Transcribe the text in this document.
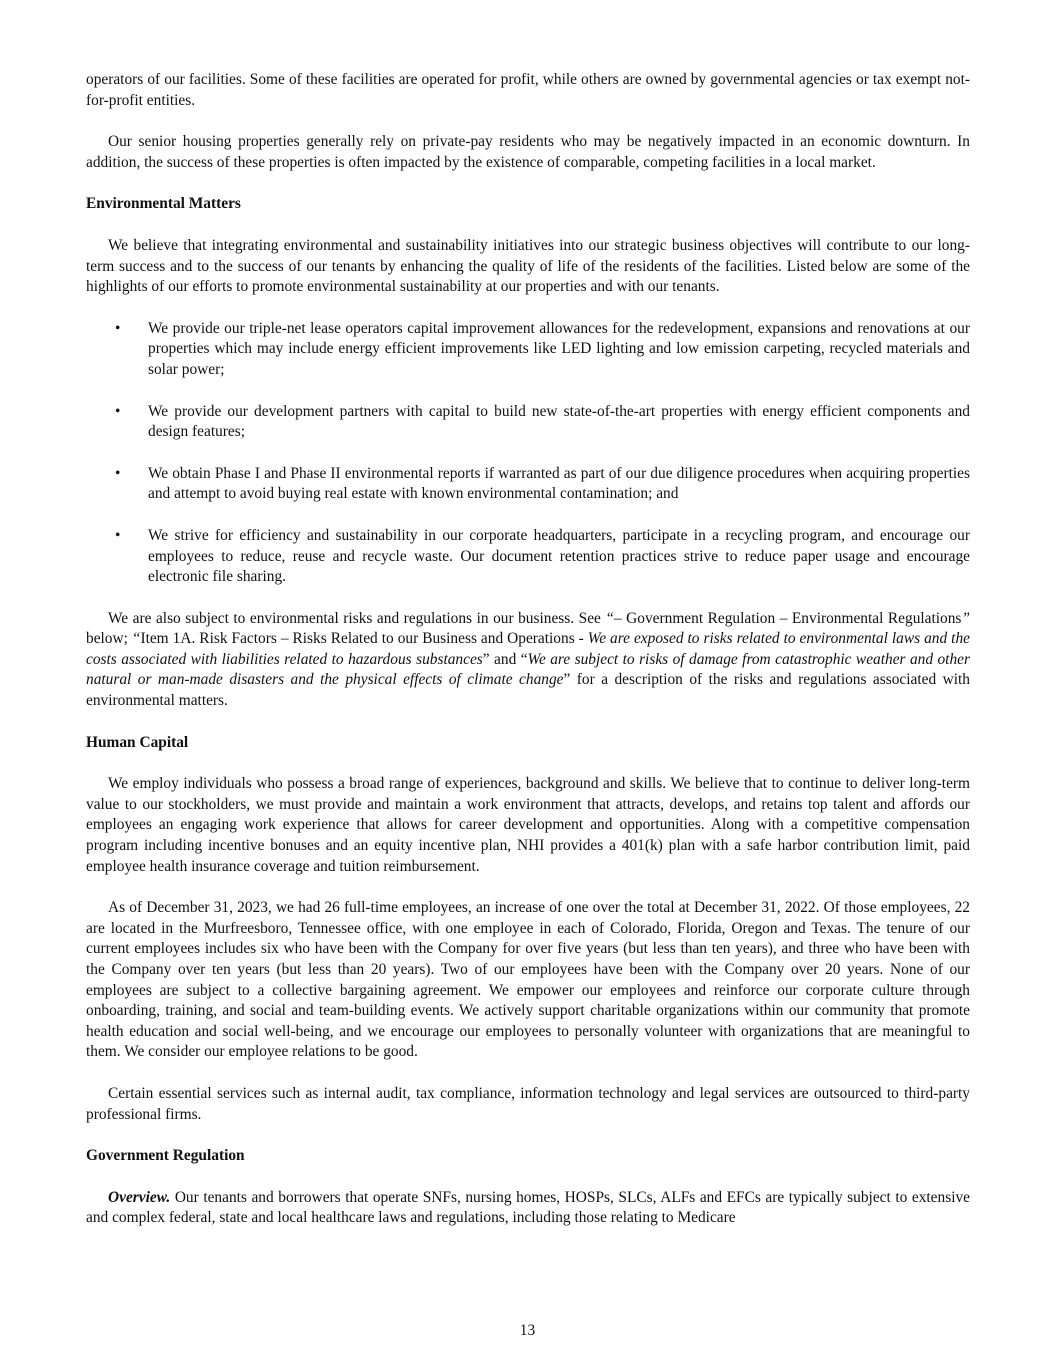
operators of our facilities. Some of these facilities are operated for profit, while others are owned by governmental agencies or tax exempt not-for-profit entities.

Our senior housing properties generally rely on private-pay residents who may be negatively impacted in an economic downturn. In addition, the success of these properties is often impacted by the existence of comparable, competing facilities in a local market.

Environmental Matters

We believe that integrating environmental and sustainability initiatives into our strategic business objectives will contribute to our long-term success and to the success of our tenants by enhancing the quality of life of the residents of the facilities. Listed below are some of the highlights of our efforts to promote environmental sustainability at our properties and with our tenants.

• We provide our triple-net lease operators capital improvement allowances for the redevelopment, expansions and renovations at our properties which may include energy efficient improvements like LED lighting and low emission carpeting, recycled materials and solar power;
• We provide our development partners with capital to build new state-of-the-art properties with energy efficient components and design features;
• We obtain Phase I and Phase II environmental reports if warranted as part of our due diligence procedures when acquiring properties and attempt to avoid buying real estate with known environmental contamination; and
• We strive for efficiency and sustainability in our corporate headquarters, participate in a recycling program, and encourage our employees to reduce, reuse and recycle waste. Our document retention practices strive to reduce paper usage and encourage electronic file sharing.

We are also subject to environmental risks and regulations in our business. See “– Government Regulation – Environmental Regulations” below; “Item 1A. Risk Factors – Risks Related to our Business and Operations - We are exposed to risks related to environmental laws and the costs associated with liabilities related to hazardous substances” and “We are subject to risks of damage from catastrophic weather and other natural or man-made disasters and the physical effects of climate change” for a description of the risks and regulations associated with environmental matters.

Human Capital

We employ individuals who possess a broad range of experiences, background and skills. We believe that to continue to deliver long-term value to our stockholders, we must provide and maintain a work environment that attracts, develops, and retains top talent and affords our employees an engaging work experience that allows for career development and opportunities. Along with a competitive compensation program including incentive bonuses and an equity incentive plan, NHI provides a 401(k) plan with a safe harbor contribution limit, paid employee health insurance coverage and tuition reimbursement.

As of December 31, 2023, we had 26 full-time employees, an increase of one over the total at December 31, 2022. Of those employees, 22 are located in the Murfreesboro, Tennessee office, with one employee in each of Colorado, Florida, Oregon and Texas. The tenure of our current employees includes six who have been with the Company for over five years (but less than ten years), and three who have been with the Company over ten years (but less than 20 years). Two of our employees have been with the Company over 20 years. None of our employees are subject to a collective bargaining agreement. We empower our employees and reinforce our corporate culture through onboarding, training, and social and team-building events. We actively support charitable organizations within our community that promote health education and social well-being, and we encourage our employees to personally volunteer with organizations that are meaningful to them. We consider our employee relations to be good.

Certain essential services such as internal audit, tax compliance, information technology and legal services are outsourced to third-party professional firms.

Government Regulation

Overview. Our tenants and borrowers that operate SNFs, nursing homes, HOSPs, SLCs, ALFs and EFCs are typically subject to extensive and complex federal, state and local healthcare laws and regulations, including those relating to Medicare

13
